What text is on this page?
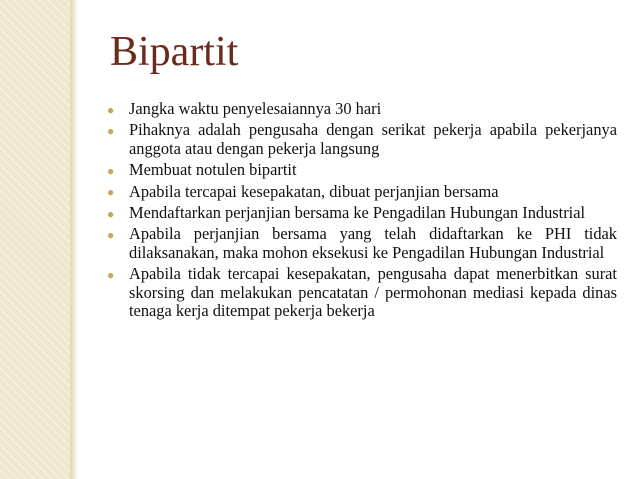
Bipartit
● Jangka waktu penyelesaiannya 30 hari
● Pihaknya adalah pengusaha dengan serikat pekerja apabila pekerjanya anggota atau dengan pekerja langsung
● Membuat notulen bipartit
● Apabila tercapai kesepakatan, dibuat perjanjian bersama
● Mendaftarkan perjanjian bersama ke Pengadilan Hubungan Industrial
● Apabila perjanjian bersama yang telah didaftarkan ke PHI tidak dilaksanakan, maka mohon eksekusi ke Pengadilan Hubungan Industrial
● Apabila tidak tercapai kesepakatan, pengusaha dapat menerbitkan surat skorsing dan melakukan pencatatan / permohonan mediasi kepada dinas tenaga kerja ditempat pekerja bekerja
